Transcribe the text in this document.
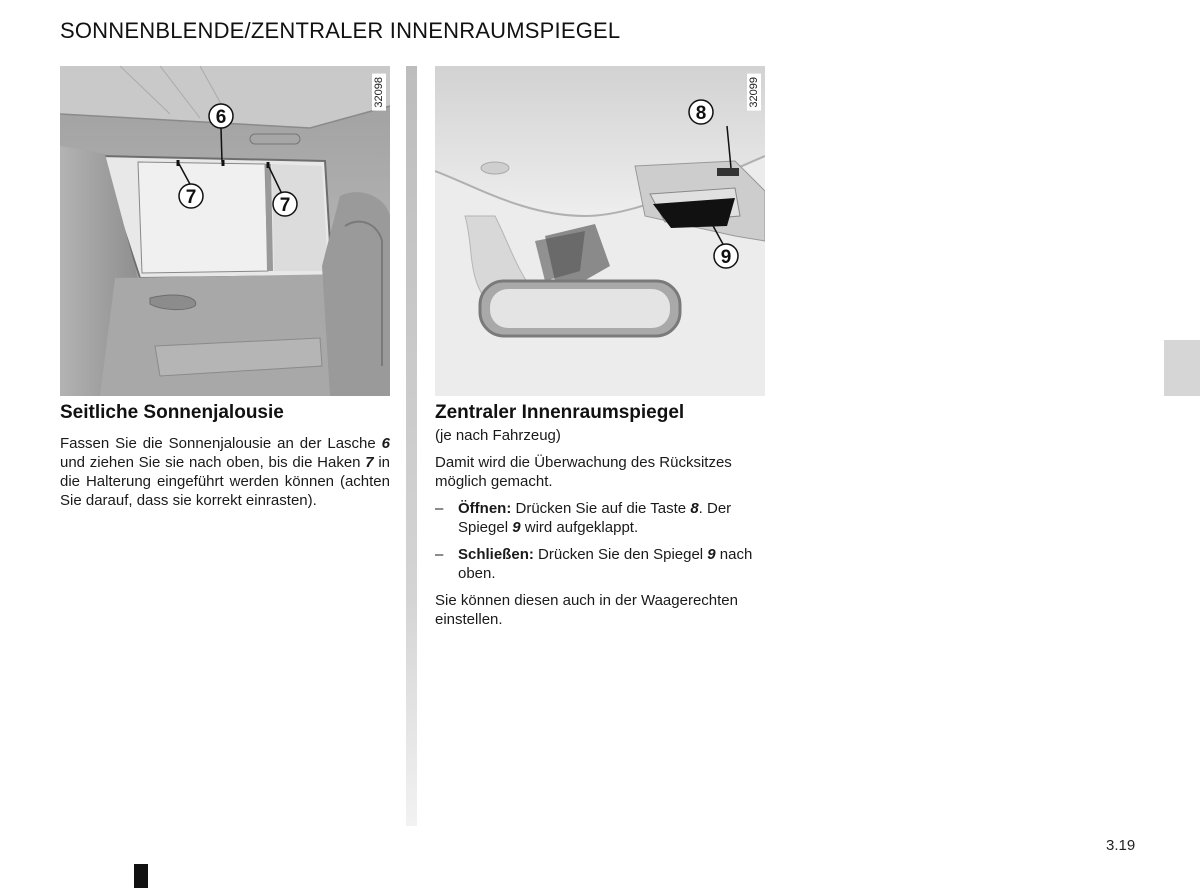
SONNENBLENDE/ZENTRALER INNENRAUMSPIEGEL
6
7	7
32098
8
9
32099
Seitliche Sonnenjalousie

Fassen Sie die Sonnenjalousie an der Lasche 6 und ziehen Sie sie nach oben, bis die Haken 7 in die Halterung eingeführt werden können (achten Sie darauf, dass sie korrekt einrasten).

Zentraler Innenraumspiegel
(je nach Fahrzeug)

Damit wird die Überwachung des Rücksitzes möglich gemacht.

– Öffnen: Drücken Sie auf die Taste 8. Der Spiegel 9 wird aufgeklappt.
– Schließen: Drücken Sie den Spiegel 9 nach oben.

Sie können diesen auch in der Waagerechten einstellen.

3.19
